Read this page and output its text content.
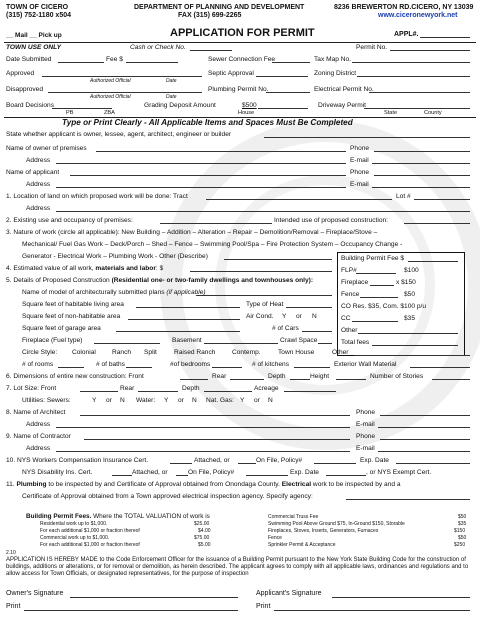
TOWN OF CICERO
(315) 752-1180 x504
DEPARTMENT OF PLANNING AND DEVELOPMENT
FAX (315) 699-2265
8236 BREWERTON RD.CICERO, NY 13039
www.ciceronewyork.net
__ Mail __ Pick up	APPLICATION FOR PERMIT	APPL#.
TOWN USE ONLY	Cash or Check No.	Permit No.
Date Submitted	Fee $	Sewer Connection Fee	Tax Map No.
Approved	Septic Approval	Zoning District
Authorized Official	Date
Disapproved	Plumbing Permit No.	Electrical Permit No.
Authorized Official	Date
Board Decisions	Grading Deposit Amount	$500	Driveway Permit
PB	ZBA	House	State	County
Type or Print Clearly - All Applicable Items and Spaces Must Be Completed
State whether applicant is owner, lessee, agent, architect, engineer or builder
Name of owner of premises	Phone
Address	E-mail
Name of applicant	Phone
Address	E-mail
1. Location of land on which proposed work will be done: Tract	Lot #
Address
2. Existing use and occupancy of premises:	Intended use of proposed construction:
3. Nature of work (circle all applicable): New Building – Addition – Alteration – Repair – Demolition/Removal – Fireplace/Stove –
Mechanical/ Fuel Gas Work – Deck/Porch – Shed – Fence – Swimming Pool/Spa – Fire Protection System – Occupancy Change -
Generator - Electrical Work – Plumbing Work - Other (Describe)	Building Permit Fee $
FLP#	$100
Fireplace	x $150
Fence	$50
CO Res. $35, Com. $100 p/u
CC	$35
Other
Total fees
4. Estimated value of all work, materials and labor: $
5. Details of Proposed Construction (Residential one- or two-family dwellings and townhouses only):
Name of model of architecturally submitted plans (if applicable)
Square feet of habitable living area	Type of Heat
Square feet of non-habitable area	Air Cond. Y or N
Square feet of garage area	# of Cars
Fireplace (Fuel type)	Basement	Crawl Space
Circle Style: Colonial Ranch Split	Raised Ranch	Contemp.	Town House	Other
# of rooms	# of baths	#of bedrooms	# of kitchens	Exterior Wall Material
6. Dimensions of entire new construction: Front	Rear	Depth	Height	Number of Stories
7. Lot Size: Front	Rear	Depth	Acreage
Utilities: Sewers:	Y or N Water: Y or N Nat. Gas: Y or N
8. Name of Architect	Phone
Address	E-mail
9. Name of Contractor	Phone
Address	E-mail
10. NYS Workers Compensation Insurance Cert.	Attached, or	On File, Policy#	Exp. Date
NYS Disability Ins. Cert.	Attached, or	On File, Policy#	Exp. Date	, or NYS Exempt Cert.
11. Plumbing to be inspected by and Certificate of Approval obtained from Onondaga County. Electrical work to be inspected by and a
Certificate of Approval obtained from a Town approved electrical inspection agency. Specify agency:
Building Permit Fees. Where the TOTAL VALUATION of work is
Residential work up to $1,000.	$25.00
For each additional $1,000 or fraction thereof	$4.00
Commercial work up to $1,000.	$75.00
For each additional $1,000 or fraction thereof	$5.00
Commercial Truss Fee	$50
Swimming Pool Above Ground $75, In-Ground $150, Storable	$35
Fireplaces, Stoves, Inserts, Generators, Furnaces	$150
Fence	$50
Sprinkler Permit & Acceptance	$250
2.10
APPLICATION IS HEREBY MADE to the Code Enforcement Officer for the issuance of a Building Permit pursuant to the New York State Building Code for the construction of buildings, additions or alterations, or for removal or demolition, as herein described. The applicant agrees to comply with all applicable laws, ordinances and regulations and to allow access for Town Officials, or designated representatives, for the purpose of inspection
Owner's Signature	Applicant's Signature
Print	Print
